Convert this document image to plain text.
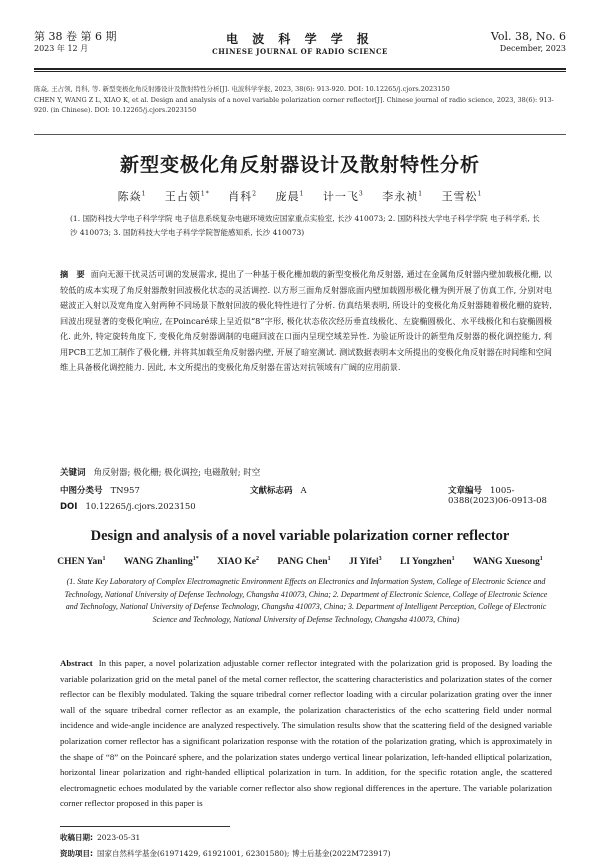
第 38 卷 第 6 期
2023 年 12 月
电 波 科 学 学 报
CHINESE JOURNAL OF RADIO SCIENCE
Vol. 38, No. 6
December, 2023
陈焱, 王占领, 肖科, 等. 新型变极化角反射器设计及散射特性分析[J]. 电波科学学报, 2023, 38(6): 913-920. DOI: 10.12265/j.cjors.2023150
CHEN Y, WANG Z L, XIAO K, et al. Design and analysis of a novel variable polarization corner reflector[J]. Chinese journal of radio science, 2023, 38(6): 913-920. (in Chinese). DOI: 10.12265/j.cjors.2023150
新型变极化角反射器设计及散射特性分析
陈焱$^1$ 王占领$^{1*}$ 肖科$^2$ 庞晨$^1$ 计一飞$^3$ 李永祯$^1$ 王雪松$^1$
(1. 国防科技大学电子科学学院 电子信息系统复杂电磁环境效应国家重点实验室, 长沙 410073; 2. 国防科技大学电子科学学院 电子科学系, 长沙 410073; 3. 国防科技大学电子科学学院智能感知系, 长沙 410073)
摘　要 面向无源干扰灵活可调的发展需求, 提出了一种基于极化栅加载的新型变极化角反射器, 通过在金属角反射器内壁加载极化栅, 以较低的成本实现了角反射器散射回波极化状态的灵活调控. 以方形三面角反射器底面内壁加载圆形极化栅为例开展了仿真工作, 分别对电磁波正入射以及宽角度入射两种不同场景下散射回波的极化特性进行了分析. 仿真结果表明, 所设计的变极化角反射器随着极化栅的旋转, 回波出现显著的变极化响应, 在Poincaré球上呈近似“8”字形, 极化状态依次经历垂直线极化、左旋椭圆极化、水平线极化和右旋椭圆极化. 此外, 特定旋转角度下, 变极化角反射器调制的电磁回波在口面内呈现空域差异性. 为验证所设计的新型角反射器的极化调控能力, 利用PCB工艺加工制作了极化栅, 并将其加载至角反射器内壁, 开展了暗室测试. 测试数据表明本文所提出的变极化角反射器在时间维和空间维上具备极化调控能力. 因此, 本文所提出的变极化角反射器在雷达对抗领域有广阔的应用前景.
关键词 角反射器; 极化栅; 极化调控; 电磁散射; 时空
中图分类号 TN957	文献标志码 A	文章编号 1005-0388(2023)06-0913-08
DOI 10.12265/j.cjors.2023150
Design and analysis of a novel variable polarization corner reflector
CHEN Yan$^1$ WANG Zhanling$^{1*}$ XIAO Ke$^2$ PANG Chen$^1$ JI Yifei$^3$ LI Yongzhen$^1$ WANG Xuesong$^1$
(1. State Key Laboratory of Complex Electromagnetic Environment Effects on Electronics and Information System, College of Electronic Science and Technology, National University of Defense Technology, Changsha 410073, China; 2. Department of Electronic Science, College of Electronic Science and Technology, National University of Defense Technology, Changsha 410073, China; 3. Department of Intelligent Perception, College of Electronic Science and Technology, National University of Defense Technology, Changsha 410073, China)
Abstract In this paper, a novel polarization adjustable corner reflector integrated with the polarization grid is proposed. By loading the variable polarization grid on the metal panel of the metal corner reflector, the scattering characteristics and polarization states of the corner reflector can be flexibly modulated. Taking the square tribedral corner reflector loading with a circular polarization grating over the inner wall of the square tribedral corner reflector as an example, the polarization characteristics of the echo scattering field under normal incidence and wide-angle incidence are analyzed respectively. The simulation results show that the scattering field of the designed variable polarization corner reflector has a significant polarization response with the rotation of the polarization grating, which is approximately in the shape of “8” on the Poincaré sphere, and the polarization states undergo vertical linear polarization, left-handed elliptical polarization, horizontal linear polarization and right-handed elliptical polarization in turn. In addition, for the specific rotation angle, the scattered electromagnetic echoes modulated by the variable corner reflector also show regional differences in the aperture. The variable polarization corner reflector proposed in this paper is
收稿日期: 2023-05-31
资助项目: 国家自然科学基金(61971429, 61921001, 62301580); 博士后基金(2022M723917)
